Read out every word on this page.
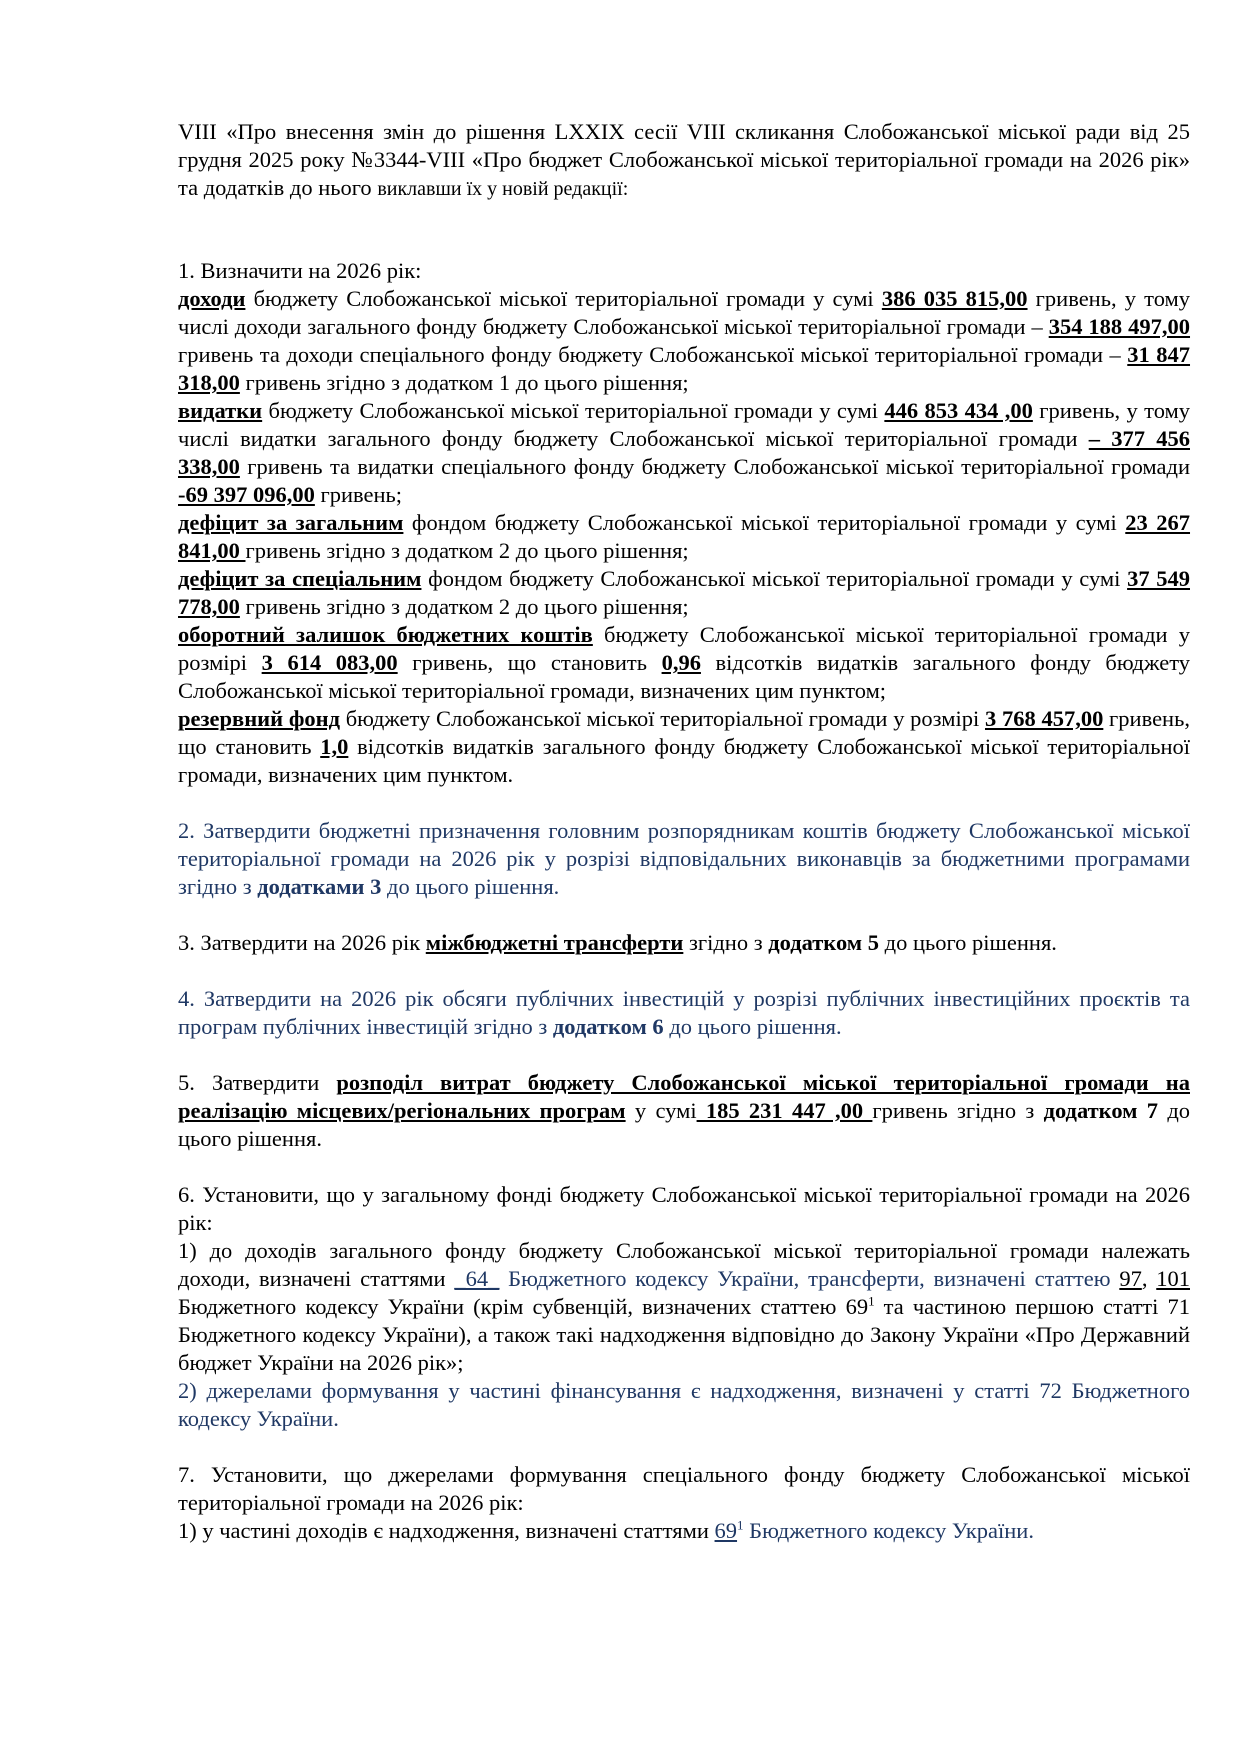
VIII «Про внесення змін до рішення LXXIX сесії VIII скликання Слобожанської міської ради від 25 грудня 2025 року №3344-VIII «Про бюджет Слобожанської міської територіальної громади на 2026 рік» та додатків до нього виклавши їх у новій редакції:

1. Визначити на 2026 рік:

доходи бюджету Слобожанської міської територіальної громади у сумі 386 035 815,00 гривень, у тому числі доходи загального фонду бюджету Слобожанської міської територіальної громади – 354 188 497,00 гривень та доходи спеціального фонду бюджету Слобожанської міської територіальної громади – 31 847 318,00 гривень згідно з додатком 1 до цього рішення;

видатки бюджету Слобожанської міської територіальної громади у сумі 446 853 434 ,00 гривень, у тому числі видатки загального фонду бюджету Слобожанської міської територіальної громади – 377 456 338,00 гривень та видатки спеціального фонду бюджету Слобожанської міської територіальної громади -69 397 096,00 гривень;

дефіцит за загальним фондом бюджету Слобожанської міської територіальної громади у сумі 23 267 841,00 гривень згідно з додатком 2 до цього рішення;

дефіцит за спеціальним фондом бюджету Слобожанської міської територіальної громади у сумі 37 549 778,00 гривень згідно з додатком 2 до цього рішення;

оборотний залишок бюджетних коштів бюджету Слобожанської міської територіальної громади у розмірі 3 614 083,00 гривень, що становить 0,96 відсотків видатків загального фонду бюджету Слобожанської міської територіальної громади, визначених цим пунктом;

резервний фонд бюджету Слобожанської міської територіальної громади у розмірі 3 768 457,00 гривень, що становить 1,0 відсотків видатків загального фонду бюджету Слобожанської міської територіальної громади, визначених цим пунктом.

2. Затвердити бюджетні призначення головним розпорядникам коштів бюджету Слобожанської міської територіальної громади на 2026 рік у розрізі відповідальних виконавців за бюджетними програмами згідно з додатками 3 до цього рішення.

3. Затвердити на 2026 рік міжбюджетні трансферти згідно з додатком 5 до цього рішення.

4. Затвердити на 2026 рік обсяги публічних інвестицій у розрізі публічних інвестиційних проєктів та програм публічних інвестицій згідно з додатком 6 до цього рішення.

5. Затвердити розподіл витрат бюджету Слобожанської міської територіальної громади на реалізацію місцевих/регіональних програм у сумі 185 231 447 ,00 гривень згідно з додатком 7 до цього рішення.

6. Установити, що у загальному фонді бюджету Слобожанської міської територіальної громади на 2026 рік:

1) до доходів загального фонду бюджету Слобожанської міської територіальної громади належать доходи, визначені статтями _64_ Бюджетного кодексу України, трансферти, визначені статтею 97, 101 Бюджетного кодексу України (крім субвенцій, визначених статтею $69^1$ та частиною першою статті 71 Бюджетного кодексу України), а також такі надходження відповідно до Закону України «Про Державний бюджет України на 2026 рік»;

2) джерелами формування у частині фінансування є надходження, визначені у статті 72 Бюджетного кодексу України.

7. Установити, що джерелами формування спеціального фонду бюджету Слобожанської міської територіальної громади на 2026 рік:

1) у частині доходів є надходження, визначені статтями $69^1$ Бюджетного кодексу України.
